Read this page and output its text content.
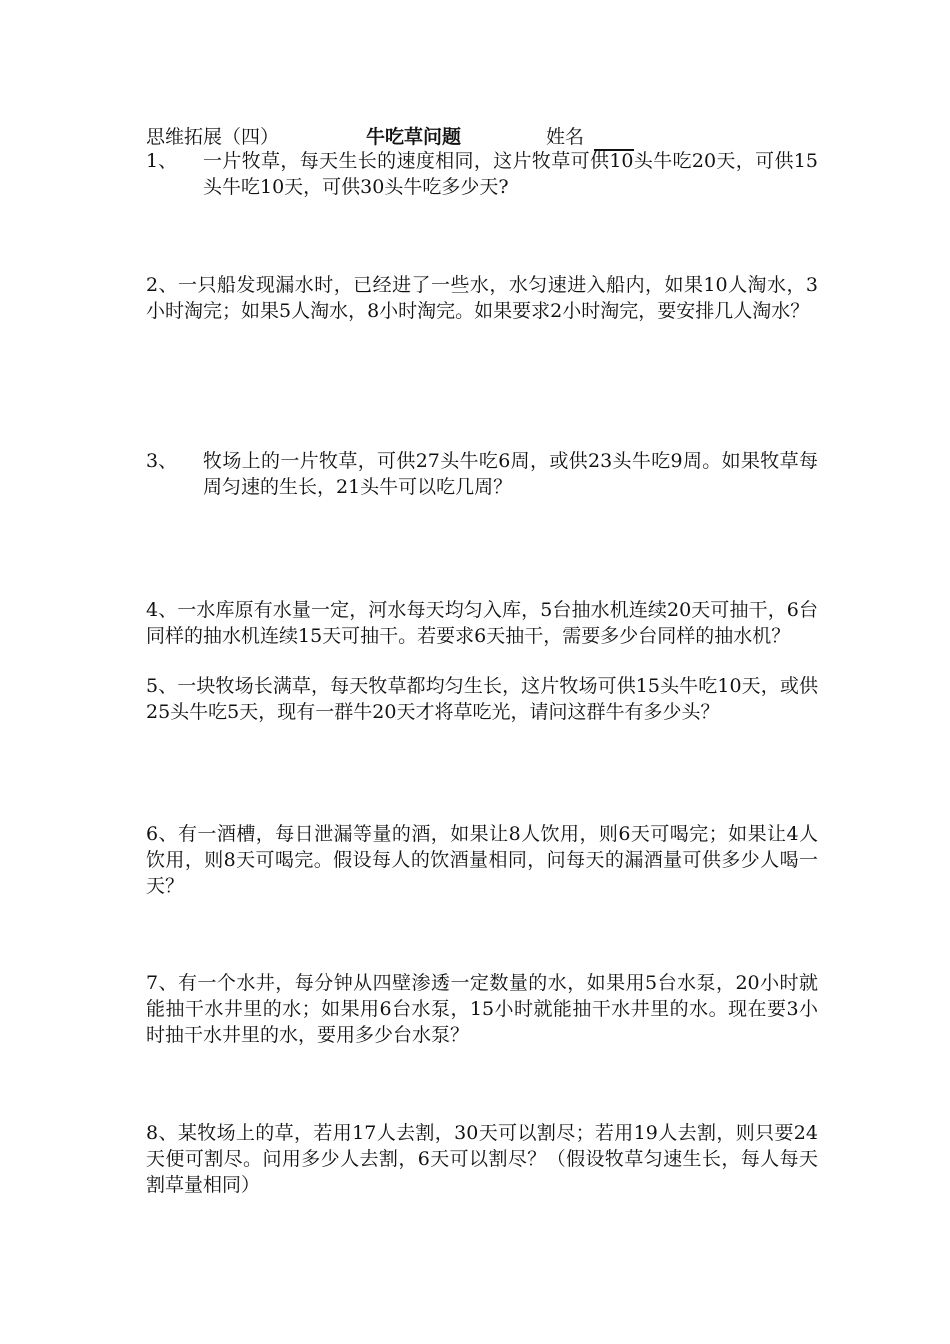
思维拓展（四）	牛吃草问题	姓名
1、 一片牧草，每天生长的速度相同，这片牧草可供10头牛吃20天，可供15头牛吃10天，可供30头牛吃多少天?
2、一只船发现漏水时，已经进了一些水，水匀速进入船内，如果10人淘水，3小时淘完；如果5人淘水，8小时淘完。如果要求2小时淘完，要安排几人淘水？
3、 牧场上的一片牧草，可供27头牛吃6周，或供23头牛吃9周。如果牧草每周匀速的生长，21头牛可以吃几周？
4、一水库原有水量一定，河水每天均匀入库，5台抽水机连续20天可抽干，6台同样的抽水机连续15天可抽干。若要求6天抽干，需要多少台同样的抽水机？
5、一块牧场长满草，每天牧草都均匀生长，这片牧场可供15头牛吃10天，或供25头牛吃5天，现有一群牛20天才将草吃光，请问这群牛有多少头？
6、有一酒槽，每日泄漏等量的酒，如果让8人饮用，则6天可喝完；如果让4人饮用，则8天可喝完。假设每人的饮酒量相同，问每天的漏酒量可供多少人喝一天？
7、有一个水井，每分钟从四壁渗透一定数量的水，如果用5台水泵，20小时就能抽干水井里的水；如果用6台水泵，15小时就能抽干水井里的水。现在要3小时抽干水井里的水，要用多少台水泵？
8、某牧场上的草，若用17人去割，30天可以割尽；若用19人去割，则只要24天便可割尽。问用多少人去割，6天可以割尽？（假设牧草匀速生长，每人每天割草量相同）
